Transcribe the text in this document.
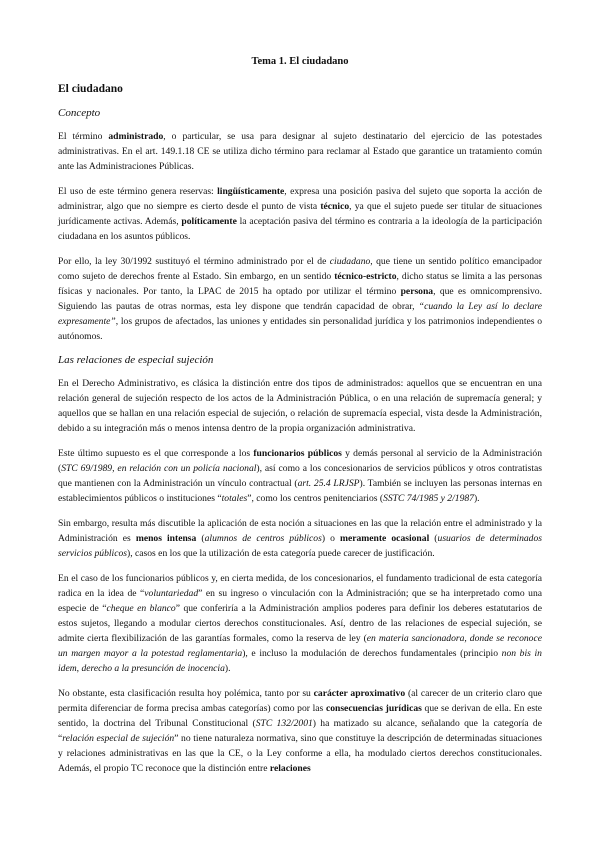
Tema 1. El ciudadano
El ciudadano
Concepto

El término administrado, o particular, se usa para designar al sujeto destinatario del ejercicio de las potestades administrativas. En el art. 149.1.18 CE se utiliza dicho término para reclamar al Estado que garantice un tratamiento común ante las Administraciones Públicas.

El uso de este término genera reservas: lingüísticamente, expresa una posición pasiva del sujeto que soporta la acción de administrar, algo que no siempre es cierto desde el punto de vista técnico, ya que el sujeto puede ser titular de situaciones jurídicamente activas. Además, políticamente la aceptación pasiva del término es contraria a la ideología de la participación ciudadana en los asuntos públicos.

Por ello, la ley 30/1992 sustituyó el término administrado por el de ciudadano, que tiene un sentido político emancipador como sujeto de derechos frente al Estado. Sin embargo, en un sentido técnico-estricto, dicho status se limita a las personas físicas y nacionales. Por tanto, la LPAC de 2015 ha optado por utilizar el término persona, que es omnicomprensivo. Siguiendo las pautas de otras normas, esta ley dispone que tendrán capacidad de obrar, “cuando la Ley así lo declare expresamente”, los grupos de afectados, las uniones y entidades sin personalidad jurídica y los patrimonios independientes o autónomos.

Las relaciones de especial sujeción

En el Derecho Administrativo, es clásica la distinción entre dos tipos de administrados: aquellos que se encuentran en una relación general de sujeción respecto de los actos de la Administración Pública, o en una relación de supremacía general; y aquellos que se hallan en una relación especial de sujeción, o relación de supremacía especial, vista desde la Administración, debido a su integración más o menos intensa dentro de la propia organización administrativa.

Este último supuesto es el que corresponde a los funcionarios públicos y demás personal al servicio de la Administración (STC 69/1989, en relación con un policía nacional), así como a los concesionarios de servicios públicos y otros contratistas que mantienen con la Administración un vínculo contractual (art. 25.4 LRJSP). También se incluyen las personas internas en establecimientos públicos o instituciones “totales”, como los centros penitenciarios (SSTC 74/1985 y 2/1987).

Sin embargo, resulta más discutible la aplicación de esta noción a situaciones en las que la relación entre el administrado y la Administración es menos intensa (alumnos de centros públicos) o meramente ocasional (usuarios de determinados servicios públicos), casos en los que la utilización de esta categoría puede carecer de justificación.

En el caso de los funcionarios públicos y, en cierta medida, de los concesionarios, el fundamento tradicional de esta categoría radica en la idea de “voluntariedad” en su ingreso o vinculación con la Administración; que se ha interpretado como una especie de “cheque en blanco” que conferiría a la Administración amplios poderes para definir los deberes estatutarios de estos sujetos, llegando a modular ciertos derechos constitucionales. Así, dentro de las relaciones de especial sujeción, se admite cierta flexibilización de las garantías formales, como la reserva de ley (en materia sancionadora, donde se reconoce un margen mayor a la potestad reglamentaria), e incluso la modulación de derechos fundamentales (principio non bis in idem, derecho a la presunción de inocencia).

No obstante, esta clasificación resulta hoy polémica, tanto por su carácter aproximativo (al carecer de un criterio claro que permita diferenciar de forma precisa ambas categorías) como por las consecuencias jurídicas que se derivan de ella. En este sentido, la doctrina del Tribunal Constitucional (STC 132/2001) ha matizado su alcance, señalando que la categoría de “relación especial de sujeción” no tiene naturaleza normativa, sino que constituye la descripción de determinadas situaciones y relaciones administrativas en las que la CE, o la Ley conforme a ella, ha modulado ciertos derechos constitucionales. Además, el propio TC reconoce que la distinción entre relaciones
